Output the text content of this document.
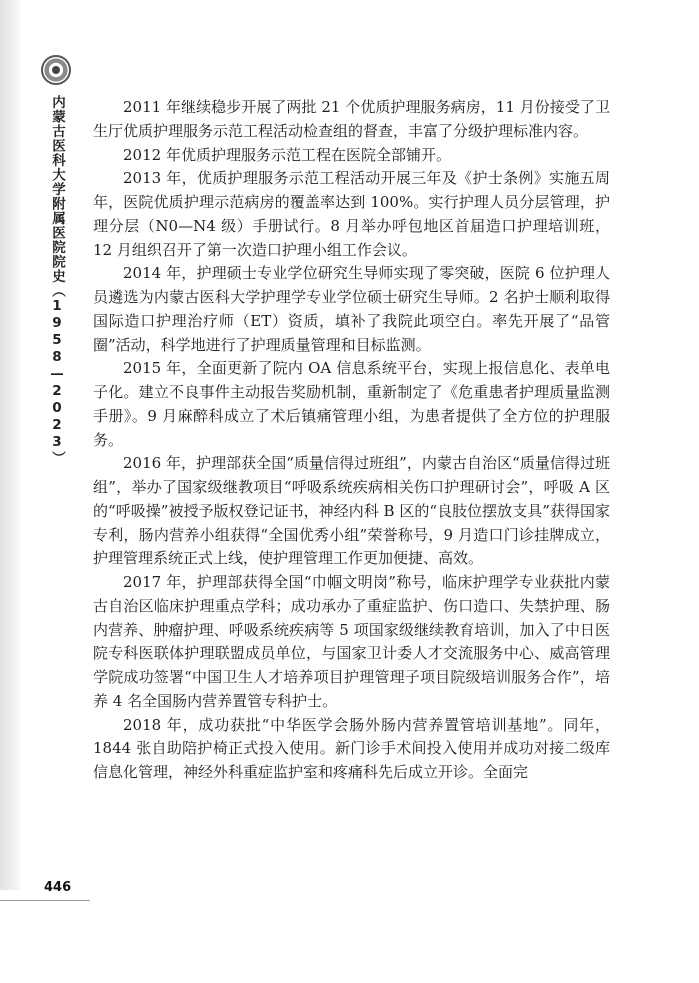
内蒙古医科大学附属医院院史（1958—2023）
446

2011 年继续稳步开展了两批 21 个优质护理服务病房，11 月份接受了卫生厅优质护理服务示范工程活动检查组的督查，丰富了分级护理标准内容。

2012 年优质护理服务示范工程在医院全部铺开。

2013 年，优质护理服务示范工程活动开展三年及《护士条例》实施五周年，医院优质护理示范病房的覆盖率达到 100%。实行护理人员分层管理，护理分层（N0—N4 级）手册试行。8 月举办呼包地区首届造口护理培训班，12 月组织召开了第一次造口护理小组工作会议。

2014 年，护理硕士专业学位研究生导师实现了零突破，医院 6 位护理人员遴选为内蒙古医科大学护理学专业学位硕士研究生导师。2 名护士顺利取得国际造口护理治疗师（ET）资质，填补了我院此项空白。率先开展了“品管圈”活动，科学地进行了护理质量管理和目标监测。

2015 年，全面更新了院内 OA 信息系统平台，实现上报信息化、表单电子化。建立不良事件主动报告奖励机制，重新制定了《危重患者护理质量监测手册》。9 月麻醉科成立了术后镇痛管理小组，为患者提供了全方位的护理服务。

2016 年，护理部获全国“质量信得过班组”，内蒙古自治区“质量信得过班组”，举办了国家级继教项目“呼吸系统疾病相关伤口护理研讨会”，呼吸 A 区的“呼吸操”被授予版权登记证书，神经内科 B 区的“良肢位摆放支具”获得国家专利，肠内营养小组获得“全国优秀小组”荣誉称号，9 月造口门诊挂牌成立，护理管理系统正式上线，使护理管理工作更加便捷、高效。

2017 年，护理部获得全国“巾帼文明岗”称号，临床护理学专业获批内蒙古自治区临床护理重点学科；成功承办了重症监护、伤口造口、失禁护理、肠内营养、肿瘤护理、呼吸系统疾病等 5 项国家级继续教育培训，加入了中日医院专科医联体护理联盟成员单位，与国家卫计委人才交流服务中心、威高管理学院成功签署“中国卫生人才培养项目护理管理子项目院级培训服务合作”，培养 4 名全国肠内营养置管专科护士。

2018 年，成功获批“中华医学会肠外肠内营养置管培训基地”。同年，1844 张自助陪护椅正式投入使用。新门诊手术间投入使用并成功对接二级库信息化管理，神经外科重症监护室和疼痛科先后成立开诊。全面完
